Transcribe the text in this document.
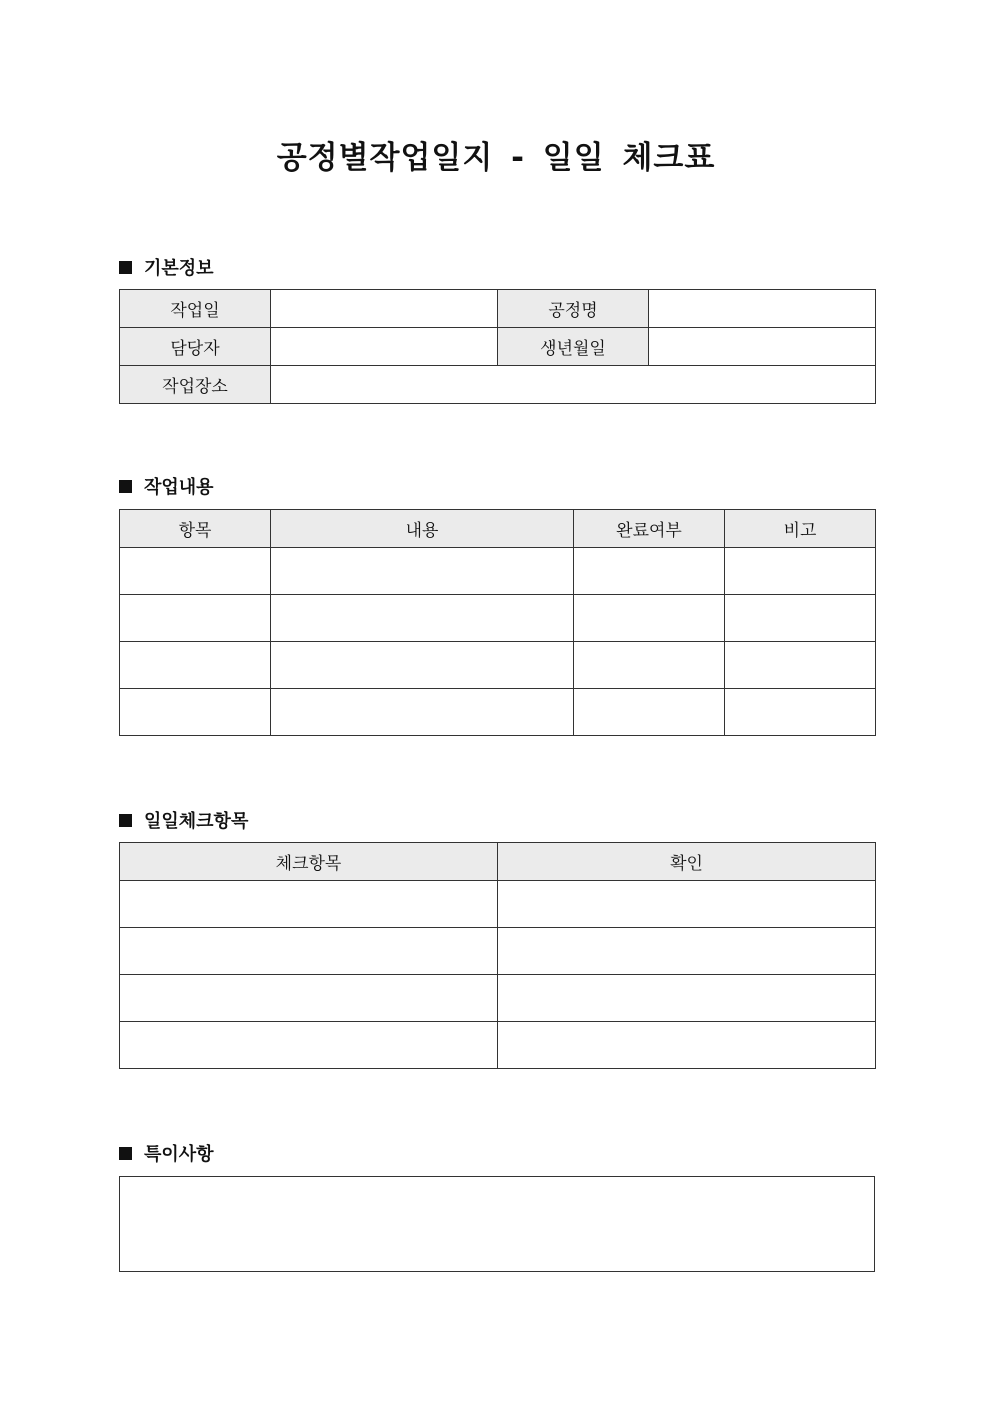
공정별작업일지 - 일일 체크표
기본정보
작업일		공정명	
담당자		생년월일	
작업장소			
작업내용
항목	내용	완료여부	비고

일일체크항목
체크항목	확인

특이사항
